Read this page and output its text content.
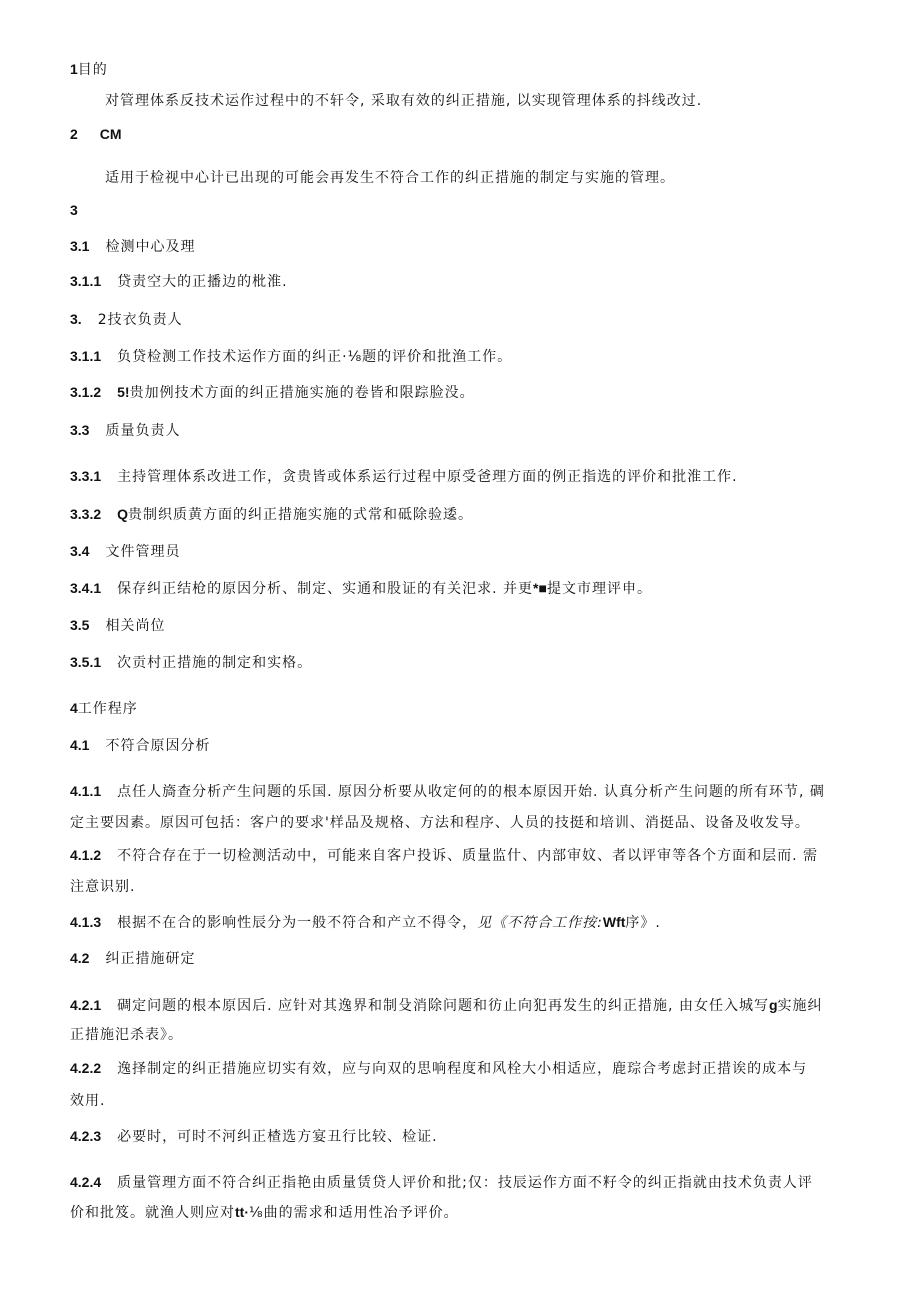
1目的
对管理体系反技术运作过程中的不轩令, 采取有效的纠正措施, 以实现管理体系的抖线改过.
2 CM
适用于检视中心计已出现的可能会再发生不符合工作的纠正措施的制定与实施的管理。
3
3.1 检测中心及理
3.1.1 贷责空大的正播边的枇淮.
3. 2技衣负责人
3.1.1 负贷检测工作技术运作方面的纠正·⅛题的评价和批渔工作。
3.1.2 5!贵加例技术方面的纠正措施实施的卷皆和限踪脸没。
3.3 质量负责人
3.3.1 主持管理体系改进工作，贪贵皆或体系运行过程中原受爸理方面的例正指选的评价和批淮工作.
3.3.2 Q贵制织质黄方面的纠正措施实施的式常和砥除验逶。
3.4 文件管理员
3.4.1 保存纠正结枪的原因分析、制定、实通和股证的有关汜求. 并更*■提文市理评申。
3.5 相关尚位
3.5.1 次贡村正措施的制定和实格。
4工作程序
4.1 不符合原因分析
4.1.1 点任人旖查分析产生问题的乐国. 原因分析要从收定何的的根本原因开始. 认真分析产生问题的所有环节, 碉
定主要因素。原因可包括：客户的要求'样品及规格、方法和程序、人员的技挺和培训、消挺品、设备及收发导。
4.1.2 不符合存在于一切检测活动中，可能来自客户投诉、质量监什、内部审妏、者以评审等各个方面和层而. 需
注意识别.
4.1.3 根据不在合的影响性辰分为一般不符合和产立不得令，见《不符合工作按:Wft序》.
4.2 纠正措施研定
4.2.1 碉定问题的根本原因后. 应针对其逸界和制殳消除问题和彷止向犯再发生的纠正措施, 由女任入城写g实施纠
正措施汜杀表》。
4.2.2 逸择制定的纠正措施应切实有效，应与向双的思响程度和风栓大小相适应，鹿琮合考虑封正措诶的成本与
效用.
4.2.3 必要时，可时不河纠正楂选方宴丑行比较、检证.
4.2.4 质量管理方面不符合纠正指艳由质量赁贷人评价和批;仅：技辰运作方面不籽令的纠正指就由技术负责人评
价和批笈。就渔人则应对tt·⅛曲的需求和适用性冶予评价。
